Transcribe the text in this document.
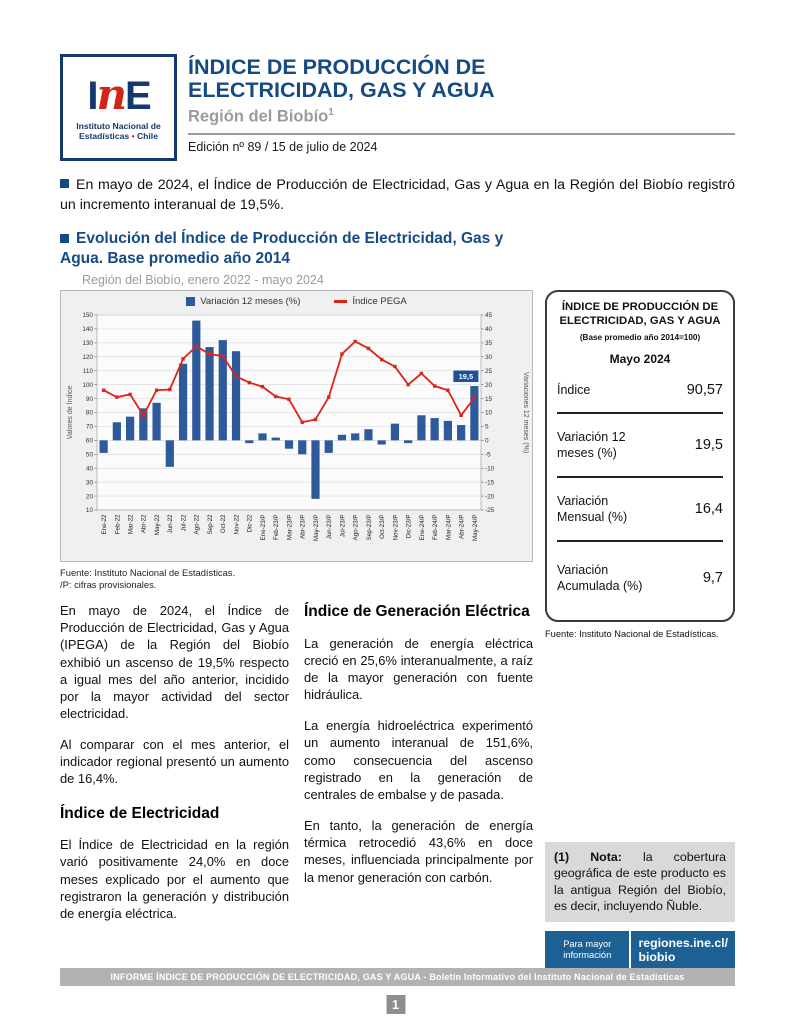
InE
Instituto Nacional de
Estadísticas • Chile
ÍNDICE DE PRODUCCIÓN DE
ELECTRICIDAD, GAS Y AGUA
Región del Biobío$^1$
Edición nº 89 / 15 de julio de 2024
En mayo de 2024, el Índice de Producción de Electricidad, Gas y Agua en la Región del Biobío registró un incremento interanual de 19,5%.
Evolución del Índice de Producción de Electricidad, Gas y Agua. Base promedio año 2014
Región del Biobío, enero 2022 - mayo 2024
Variación 12 meses (%)	Índice PEGA
10
20
30
40
50
60
70
80
90
100
110
120
130
140
150
-25
-20
-15
-10
-5
0
5
10
15
20
25
30
35
40
45
Ene-22 Feb-22 Mar-22 Abr-22 May-22 Jun-22 Jul-22 Ago-22 Sep-22 Oct-22 Nov-22 Dic-22 Ene-23/P Feb-23/P Mar-23/P Abr-23/P May-23/P Jun-23/P Jul-23/P Ago-23/P Sep-23/P Oct-23/P Nov-23/P Dic-23/P Ene-24/P Feb-24/P Mar-24/P Abr-24/P May-24/P
19,5
Valores de Índice	Variaciones 12 meses (%)
Fuente: Instituto Nacional de Estadísticas.
/P: cifras provisionales.

En mayo de 2024, el Índice de Producción de Electricidad, Gas y Agua (IPEGA) de la Región del Biobío exhibió un ascenso de 19,5% respecto a igual mes del año anterior, incidido por la mayor actividad del sector electricidad.

Al comparar con el mes anterior, el indicador regional presentó un aumento de 16,4%.

Índice de Electricidad

El Índice de Electricidad en la región varió positivamente 24,0% en doce meses explicado por el aumento que registraron la generación y distribución de energía eléctrica.

Índice de Generación Eléctrica

La generación de energía eléctrica creció en 25,6% interanualmente, a raíz de la mayor generación con fuente hidráulica.

La energía hidroeléctrica experimentó un aumento interanual de 151,6%, como consecuencia del ascenso registrado en la generación de centrales de embalse y de pasada.

En tanto, la generación de energía térmica retrocedió 43,6% en doce meses, influenciada principalmente por la menor generación con carbón.

ÍNDICE DE PRODUCCIÓN DE
ELECTRICIDAD, GAS Y AGUA
(Base promedio año 2014=100)
Mayo 2024
Índice	90,57
Variación 12 meses (%)	19,5
Variación Mensual (%)	16,4
Variación Acumulada (%)	9,7
Fuente: Instituto Nacional de Estadísticas.
(1) Nota: la cobertura geográfica de este producto es la antigua Región del Biobío, es decir, incluyendo Ñuble.
Para mayor información
regiones.ine.cl/
biobio
INFORME ÍNDICE DE PRODUCCIÓN DE ELECTRICIDAD, GAS Y AGUA - Boletín Informativo del Instituto Nacional de Estadísticas
1
